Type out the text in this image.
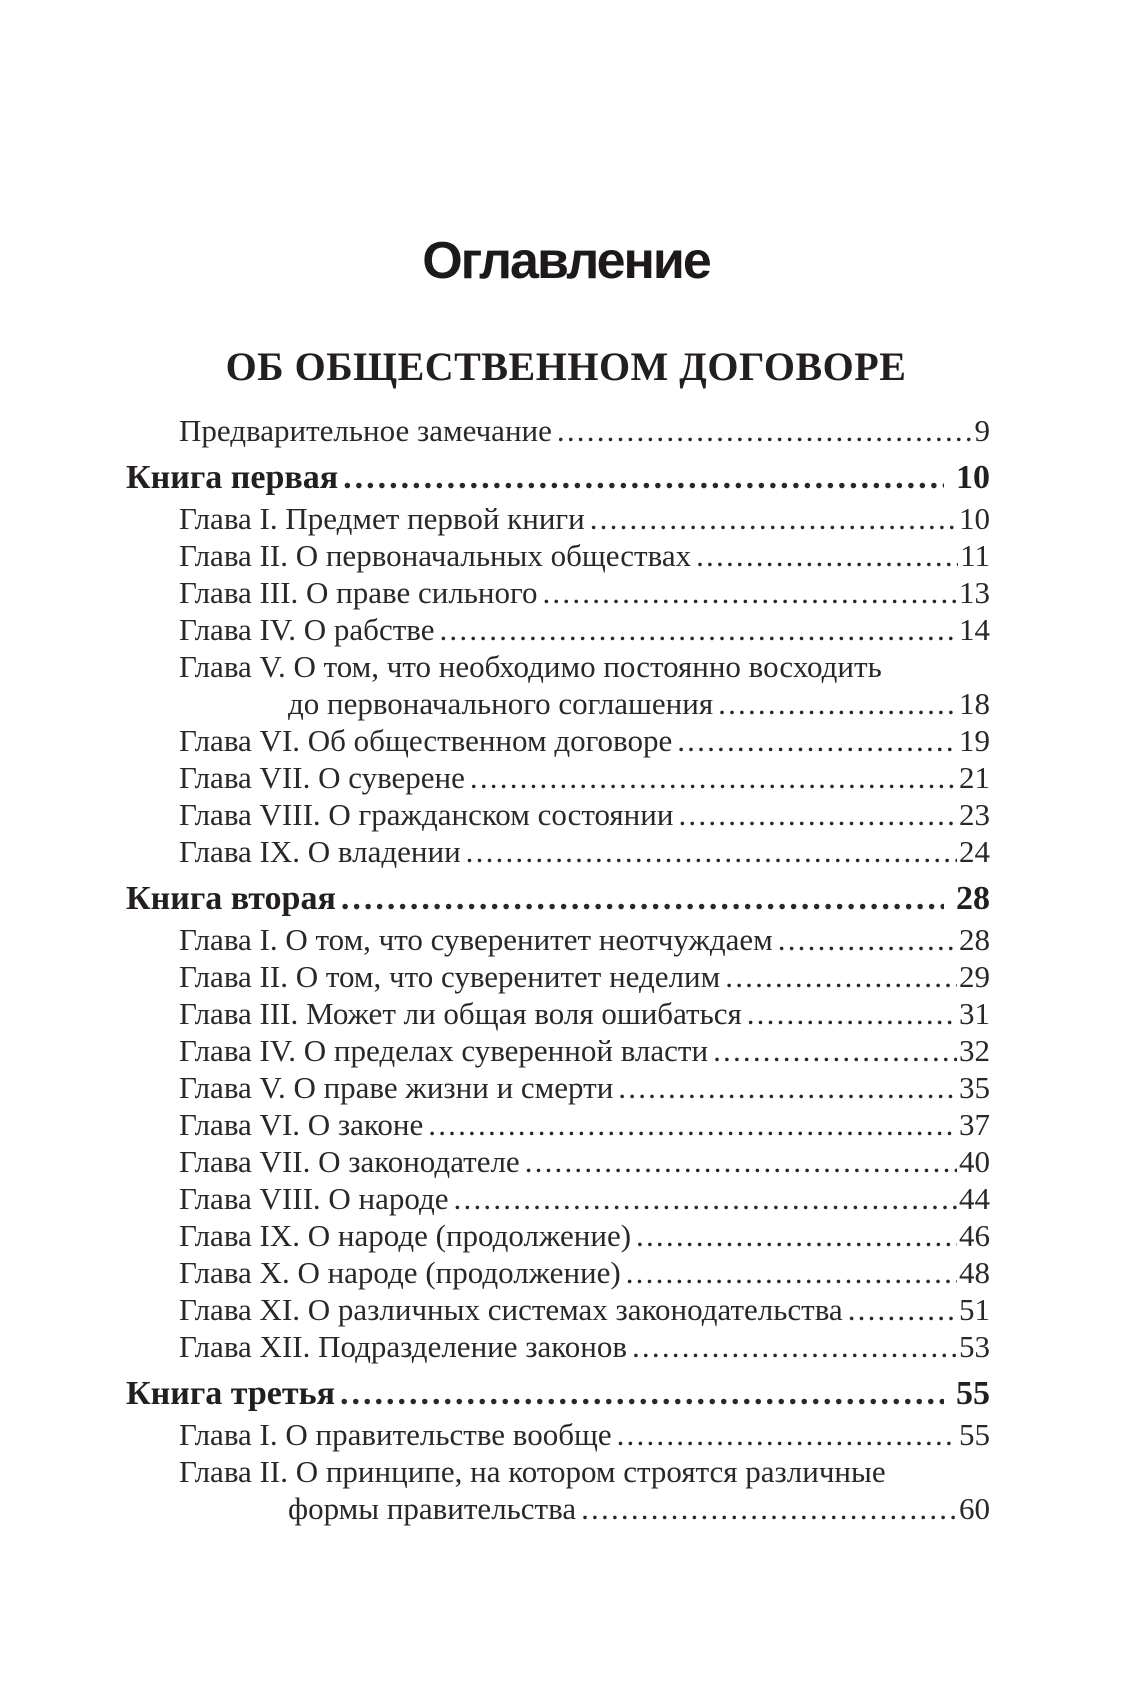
Оглавление
ОБ ОБЩЕСТВЕННОМ ДОГОВОРЕ
Предварительное замечание .....	9
Книга первая .....	10
Глава I. Предмет первой книги .....	10
Глава II. О первоначальных обществах .....	11
Глава III. О праве сильного .....	13
Глава IV. О рабстве .....	14
Глава V. О том, что необходимо постоянно восходить
до первоначального соглашения .....	18
Глава VI. Об общественном договоре .....	19
Глава VII. О суверене .....	21
Глава VIII. О гражданском состоянии .....	23
Глава IX. О владении .....	24
Книга вторая .....	28
Глава I. О том, что суверенитет неотчуждаем .....	28
Глава II. О том, что суверенитет неделим .....	29
Глава III. Может ли общая воля ошибаться .....	31
Глава IV. О пределах суверенной власти .....	32
Глава V. О праве жизни и смерти .....	35
Глава VI. О законе .....	37
Глава VII. О законодателе .....	40
Глава VIII. О народе .....	44
Глава IX. О народе (продолжение) .....	46
Глава X. О народе (продолжение) .....	48
Глава XI. О различных системах законодательства .....	51
Глава XII. Подразделение законов .....	53
Книга третья .....	55
Глава I. О правительстве вообще .....	55
Глава II. О принципе, на котором строятся различные
формы правительства .....	60
